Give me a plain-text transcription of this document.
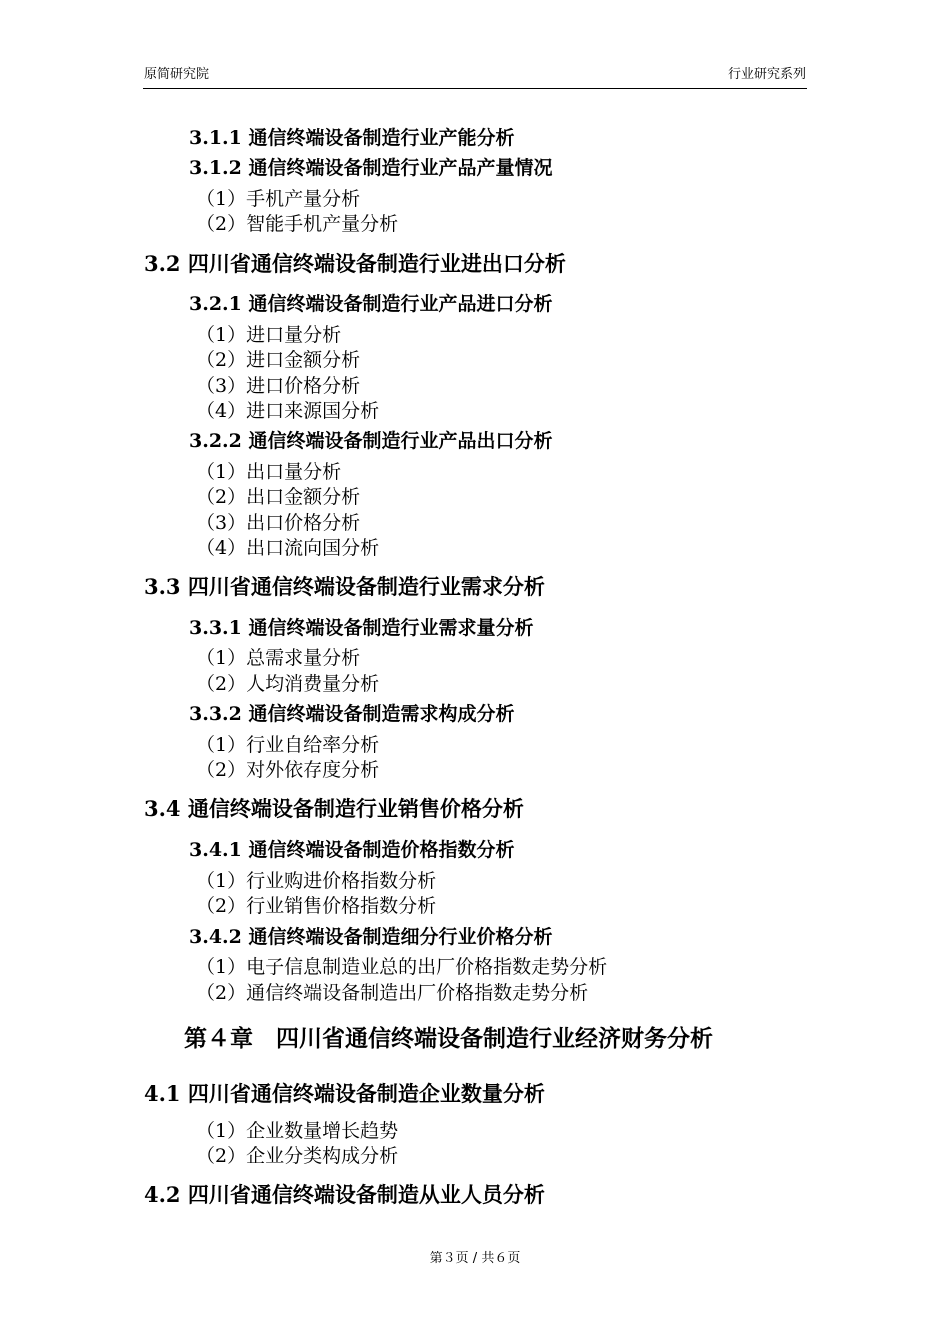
原简研究院	行业研究系列
3.1.1 通信终端设备制造行业产能分析
3.1.2 通信终端设备制造行业产品产量情况
（1）手机产量分析
（2）智能手机产量分析
3.2 四川省通信终端设备制造行业进出口分析
3.2.1 通信终端设备制造行业产品进口分析
（1）进口量分析
（2）进口金额分析
（3）进口价格分析
（4）进口来源国分析
3.2.2 通信终端设备制造行业产品出口分析
（1）出口量分析
（2）出口金额分析
（3）出口价格分析
（4）出口流向国分析
3.3 四川省通信终端设备制造行业需求分析
3.3.1 通信终端设备制造行业需求量分析
（1）总需求量分析
（2）人均消费量分析
3.3.2 通信终端设备制造需求构成分析
（1）行业自给率分析
（2）对外依存度分析
3.4 通信终端设备制造行业销售价格分析
3.4.1 通信终端设备制造价格指数分析
（1）行业购进价格指数分析
（2）行业销售价格指数分析
3.4.2 通信终端设备制造细分行业价格分析
（1）电子信息制造业总的出厂价格指数走势分析
（2）通信终端设备制造出厂价格指数走势分析
第４章　四川省通信终端设备制造行业经济财务分析
4.1 四川省通信终端设备制造企业数量分析
（1）企业数量增长趋势
（2）企业分类构成分析
4.2 四川省通信终端设备制造从业人员分析
第３页 / 共６页
